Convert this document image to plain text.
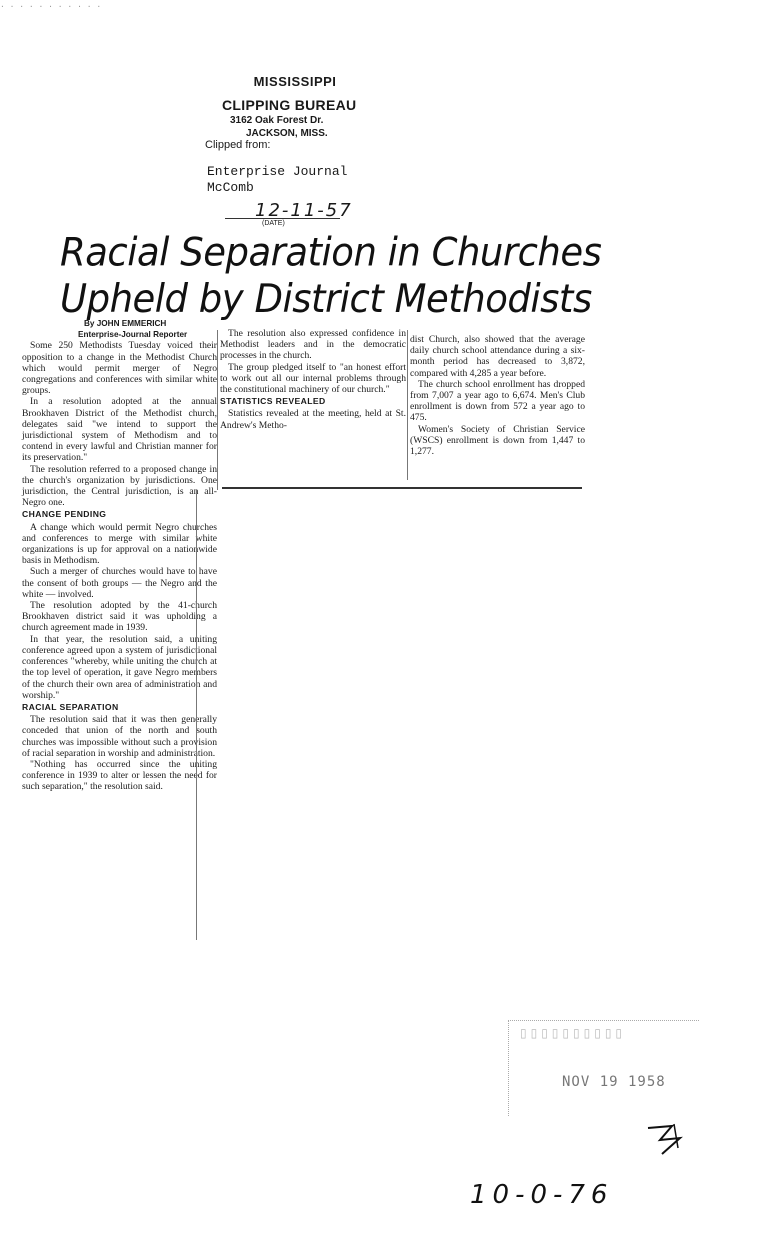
. . . . . . . . . . .
MISSISSIPPI
CLIPPING BUREAU
3162 Oak Forest Dr.
JACKSON, MISS.
Clipped from:
Enterprise Journal
McComb
12-11-57
(DATE)
Racial Separation in Churches
Upheld by District Methodists

By JOHN EMMERICH

Enterprise-Journal Reporter

Some 250 Methodists Tuesday voiced their opposition to a change in the Methodist Church which would permit merger of Negro congregations and conferences with similar white groups.

In a resolution adopted at the annual Brookhaven District of the Methodist church, delegates said "we intend to support the jurisdictional system of Methodism and to contend in every lawful and Christian manner for its preservation."

The resolution referred to a proposed change in the church's organization by jurisdictions. One jurisdiction, the Central jurisdiction, is an all-Negro one.

CHANGE PENDING

A change which would permit Negro churches and conferences to merge with similar white organizations is up for approval on a nationwide basis in Methodism.

Such a merger of churches would have to have the consent of both groups — the Negro and the white — involved.

The resolution adopted by the 41-church Brookhaven district said it was upholding a church agreement made in 1939.

In that year, the resolution said, a uniting conference agreed upon a system of jurisdictional conferences "whereby, while uniting the church at the top level of operation, it gave Negro members of the church their own area of administration and worship."

RACIAL SEPARATION

The resolution said that it was then generally conceded that union of the north and south churches was impossible without such a provision of racial separation in worship and administration.

"Nothing has occurred since the uniting conference in 1939 to alter or lessen the need for such separation," the resolution said.

The resolution also expressed confidence in Methodist leaders and in the democratic processes in the church.

The group pledged itself to "an honest effort to work out all our internal problems through the constitutional machinery of our church."

STATISTICS REVEALED

Statistics revealed at the meeting, held at St. Andrew's Metho-

dist Church, also showed that the average daily church school attendance during a six-month period has decreased to 3,872, compared with 4,285 a year before.

The church school enrollment has dropped from 7,007 a year ago to 6,674. Men's Club enrollment is down from 572 a year ago to 475.

Women's Society of Christian Service (WSCS) enrollment is down from 1,447 to 1,277.

▯▯▯▯▯▯▯▯▯▯
NOV 19 1958
10-0-76
